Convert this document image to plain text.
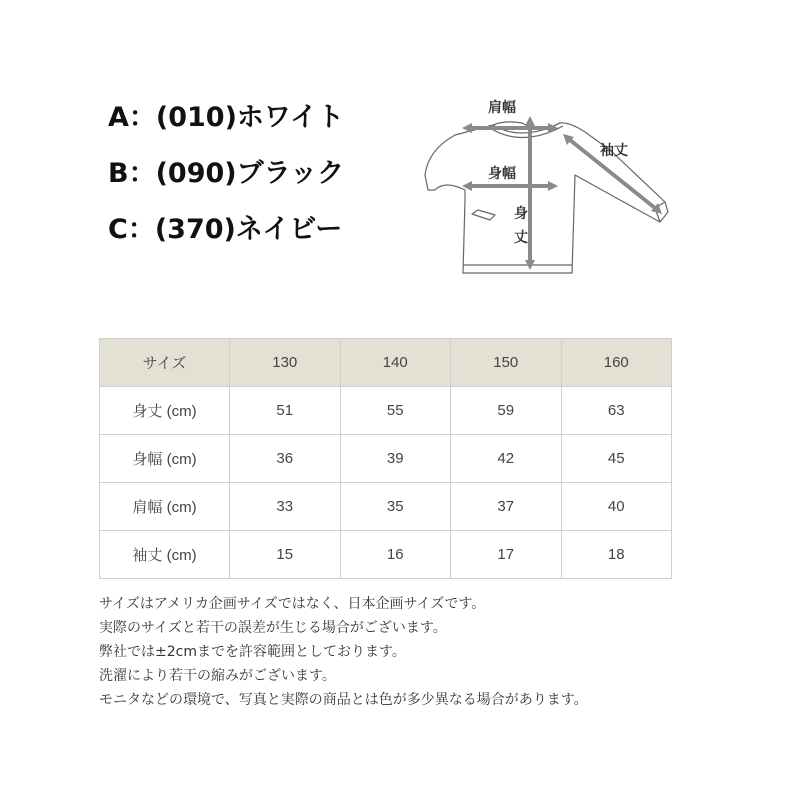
A：(010)ホワイト
B：(090)ブラック
C：(370)ネイビー
肩幅
袖丈
身幅
身
丈
サイズ	130	140	150	160
身丈 (cm)	51	55	59	63
身幅 (cm)	36	39	42	45
肩幅 (cm)	33	35	37	40
袖丈 (cm)	15	16	17	18
サイズはアメリカ企画サイズではなく、日本企画サイズです。
実際のサイズと若干の誤差が生じる場合がございます。
弊社では±2cmまでを許容範囲としております。
洗濯により若干の縮みがございます。
モニタなどの環境で、写真と実際の商品とは色が多少異なる場合があります。
